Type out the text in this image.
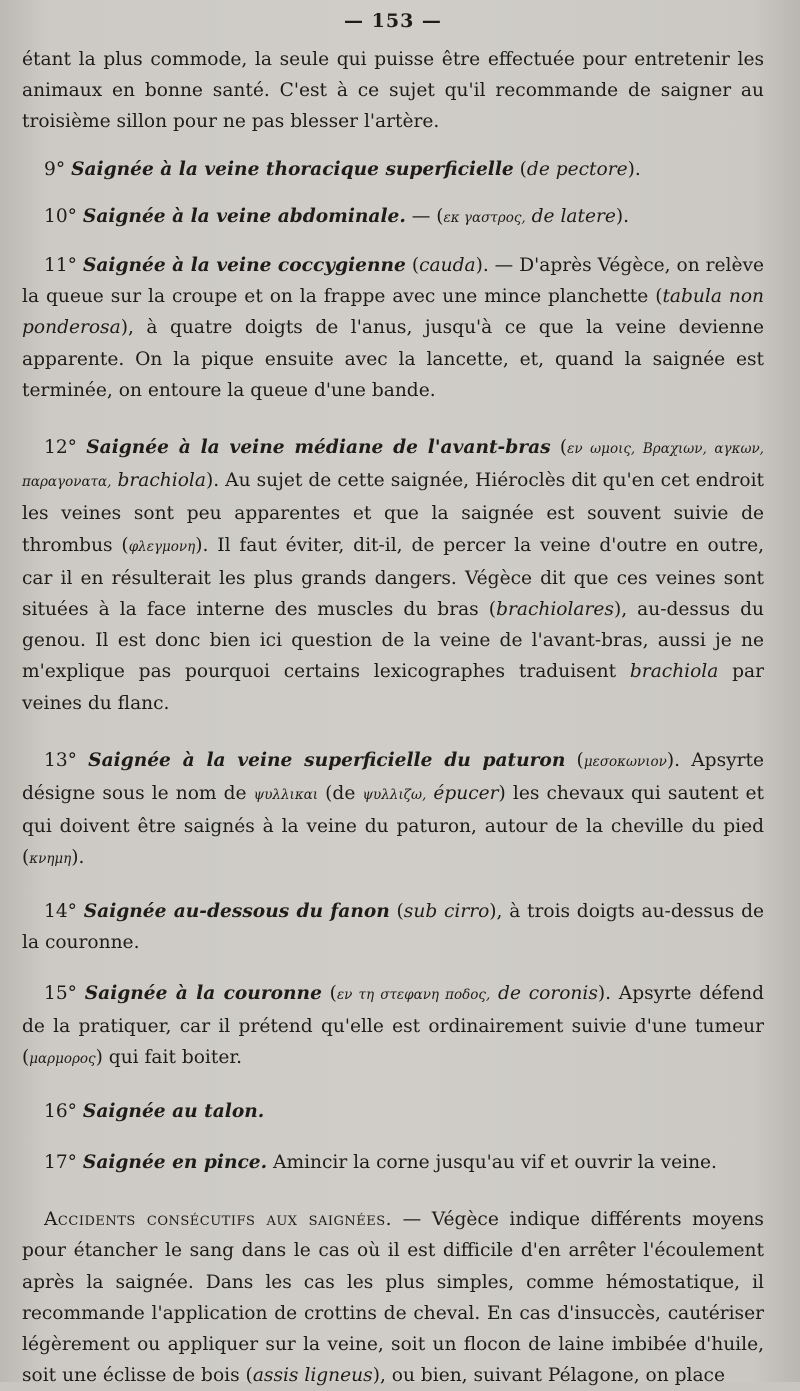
— 153 —

étant la plus commode, la seule qui puisse être effectuée pour entretenir les animaux en bonne santé. C'est à ce sujet qu'il recommande de saigner au troisième sillon pour ne pas blesser l'artère.

9° Saignée à la veine thoracique superficielle (de pectore).

10° Saignée à la veine abdominale. — (εκ γαστρος, de latere).

11° Saignée à la veine coccygienne (cauda). — D'après Végèce, on relève la queue sur la croupe et on la frappe avec une mince planchette (tabula non ponderosa), à quatre doigts de l'anus, jusqu'à ce que la veine devienne apparente. On la pique ensuite avec la lancette, et, quand la saignée est terminée, on entoure la queue d'une bande.

12° Saignée à la veine médiane de l'avant-bras (εν ωμοις, Βραχιων, αγκων, παραγονατα, brachiola). Au sujet de cette saignée, Hiéroclès dit qu'en cet endroit les veines sont peu apparentes et que la saignée est souvent suivie de thrombus (φλεγμονη). Il faut éviter, dit-il, de percer la veine d'outre en outre, car il en résulterait les plus grands dangers. Végèce dit que ces veines sont situées à la face interne des muscles du bras (brachiolares), au-dessus du genou. Il est donc bien ici question de la veine de l'avant-bras, aussi je ne m'explique pas pourquoi certains lexicographes traduisent brachiola par veines du flanc.

13° Saignée à la veine superficielle du paturon (μεσοκωνιον). Apsyrte désigne sous le nom de ψυλλικαι (de ψυλλιζω, épucer) les chevaux qui sautent et qui doivent être saignés à la veine du paturon, autour de la cheville du pied (κνημη).

14° Saignée au-dessous du fanon (sub cirro), à trois doigts au-dessus de la couronne.

15° Saignée à la couronne (εν τη στεφανη ποδος, de coronis). Apsyrte défend de la pratiquer, car il prétend qu'elle est ordinairement suivie d'une tumeur (μαρμορος) qui fait boiter.

16° Saignée au talon.

17° Saignée en pince. Amincir la corne jusqu'au vif et ouvrir la veine.

Accidents consécutifs aux saignées. — Végèce indique différents moyens pour étancher le sang dans le cas où il est difficile d'en arrêter l'écoulement après la saignée. Dans les cas les plus simples, comme hémostatique, il recommande l'application de crottins de cheval. En cas d'insuccès, cautériser légèrement ou appliquer sur la veine, soit un flocon de laine imbibée d'huile, soit une éclisse de bois (assis ligneus), ou bien, suivant Pélagone, on place
